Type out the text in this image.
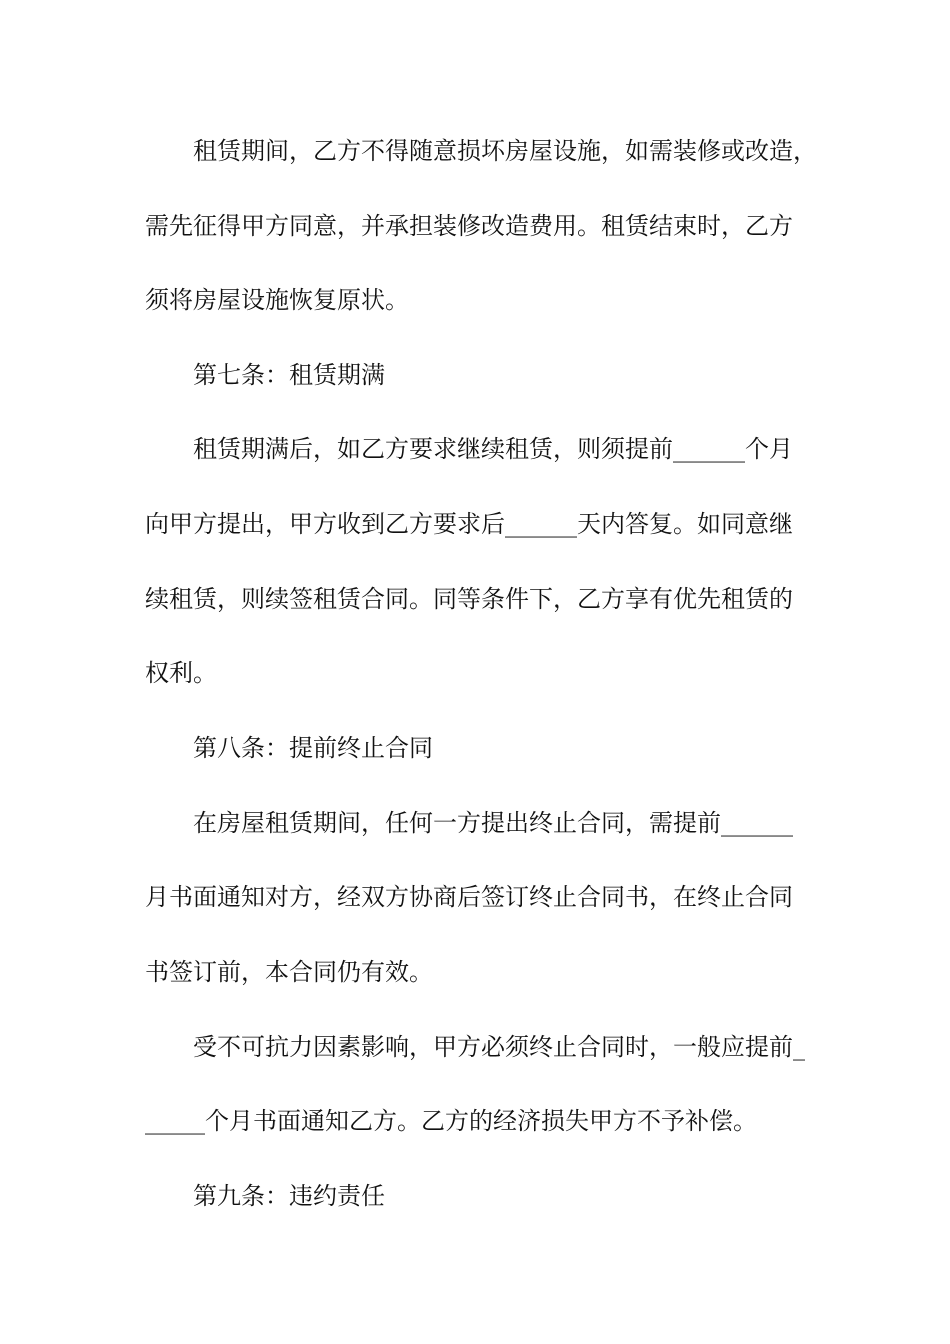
租赁期间，乙方不得随意损坏房屋设施，如需装修或改造，
需先征得甲方同意，并承担装修改造费用。租赁结束时，乙方
须将房屋设施恢复原状。
第七条：租赁期满
租赁期满后，如乙方要求继续租赁，则须提前______个月
向甲方提出，甲方收到乙方要求后______天内答复。如同意继
续租赁，则续签租赁合同。同等条件下，乙方享有优先租赁的
权利。
第八条：提前终止合同
在房屋租赁期间，任何一方提出终止合同，需提前______
月书面通知对方，经双方协商后签订终止合同书，在终止合同
书签订前，本合同仍有效。
受不可抗力因素影响，甲方必须终止合同时，一般应提前_
_____个月书面通知乙方。乙方的经济损失甲方不予补偿。
第九条：违约责任
